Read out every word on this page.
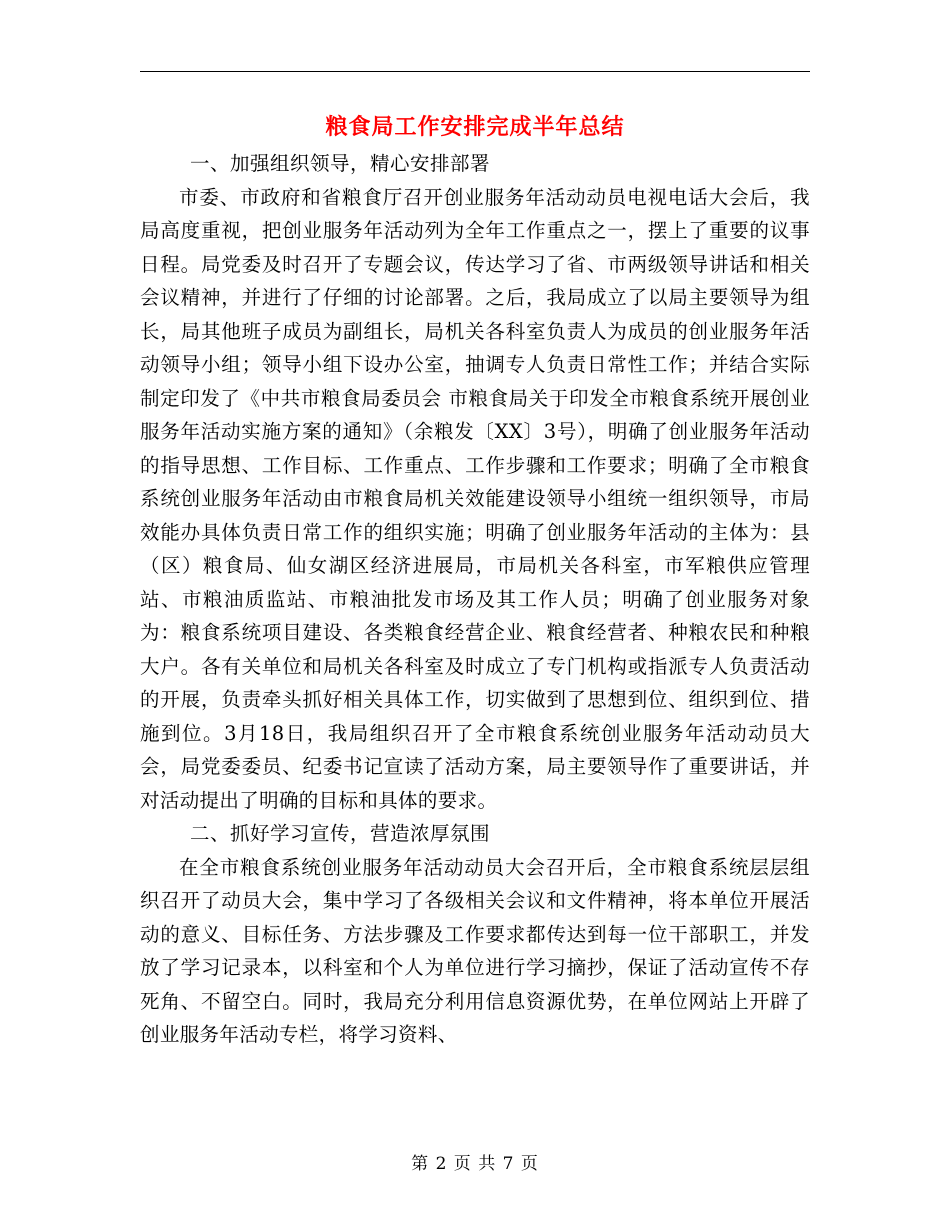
粮食局工作安排完成半年总结

一、加强组织领导，精心安排部署

市委、市政府和省粮食厅召开创业服务年活动动员电视电话大会后，我局高度重视，把创业服务年活动列为全年工作重点之一，摆上了重要的议事日程。局党委及时召开了专题会议，传达学习了省、市两级领导讲话和相关会议精神，并进行了仔细的讨论部署。之后，我局成立了以局主要领导为组长，局其他班子成员为副组长，局机关各科室负责人为成员的创业服务年活动领导小组；领导小组下设办公室，抽调专人负责日常性工作；并结合实际制定印发了《中共市粮食局委员会 市粮食局关于印发全市粮食系统开展创业服务年活动实施方案的通知》（余粮发〔XX〕3号），明确了创业服务年活动的指导思想、工作目标、工作重点、工作步骤和工作要求；明确了全市粮食系统创业服务年活动由市粮食局机关效能建设领导小组统一组织领导，市局效能办具体负责日常工作的组织实施；明确了创业服务年活动的主体为：县（区）粮食局、仙女湖区经济进展局，市局机关各科室，市军粮供应管理站、市粮油质监站、市粮油批发市场及其工作人员；明确了创业服务对象为：粮食系统项目建设、各类粮食经营企业、粮食经营者、种粮农民和种粮大户。各有关单位和局机关各科室及时成立了专门机构或指派专人负责活动的开展，负责牵头抓好相关具体工作，切实做到了思想到位、组织到位、措施到位。3月18日，我局组织召开了全市粮食系统创业服务年活动动员大会，局党委委员、纪委书记宣读了活动方案，局主要领导作了重要讲话，并对活动提出了明确的目标和具体的要求。

二、抓好学习宣传，营造浓厚氛围

在全市粮食系统创业服务年活动动员大会召开后，全市粮食系统层层组织召开了动员大会，集中学习了各级相关会议和文件精神，将本单位开展活动的意义、目标任务、方法步骤及工作要求都传达到每一位干部职工，并发放了学习记录本，以科室和个人为单位进行学习摘抄，保证了活动宣传不存死角、不留空白。同时，我局充分利用信息资源优势，在单位网站上开辟了创业服务年活动专栏，将学习资料、

第 2 页 共 7 页
